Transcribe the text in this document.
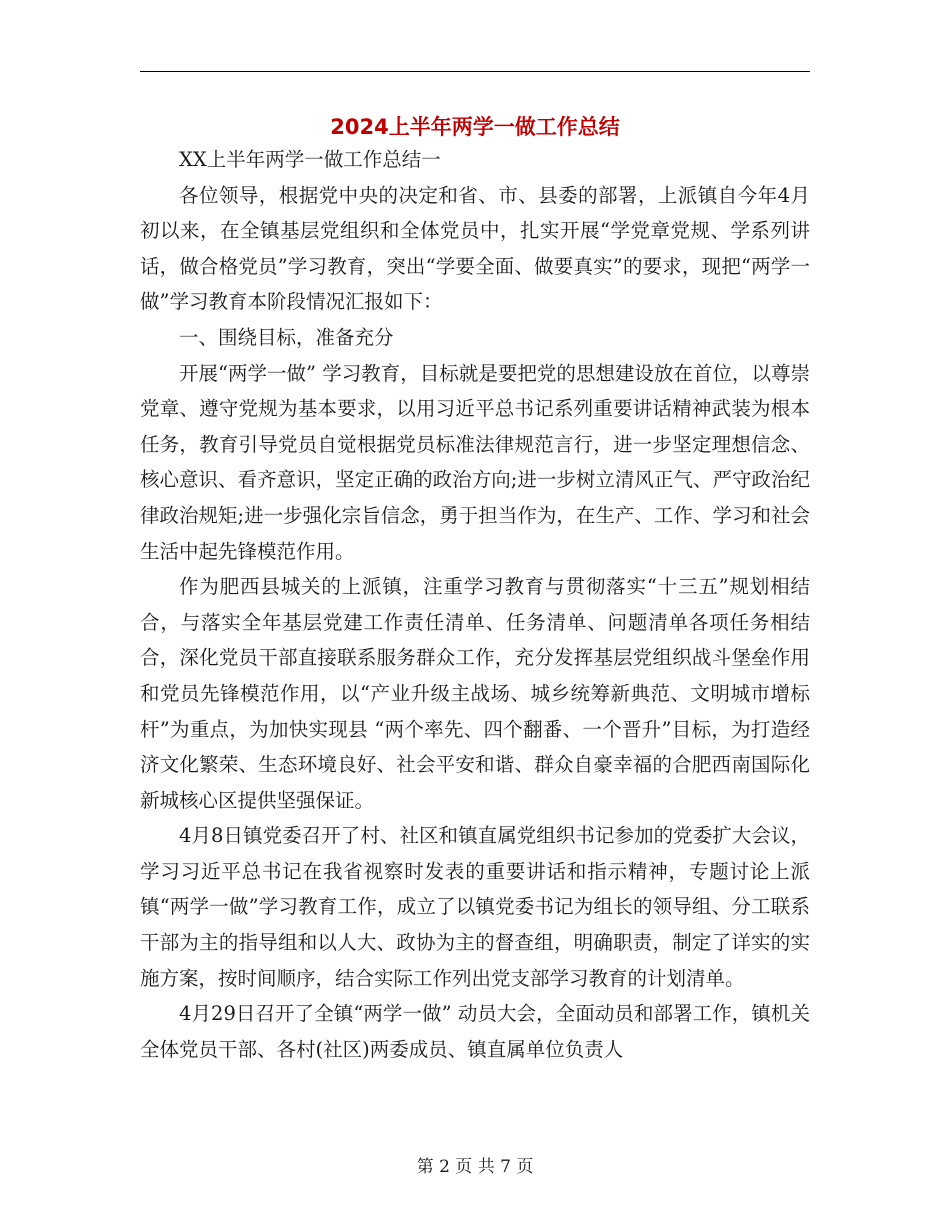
2024上半年两学一做工作总结

XX上半年两学一做工作总结一

各位领导，根据党中央的决定和省、市、县委的部署，上派镇自今年4月初以来，在全镇基层党组织和全体党员中，扎实开展“学党章党规、学系列讲话，做合格党员”学习教育，突出“学要全面、做要真实”的要求，现把“两学一做”学习教育本阶段情况汇报如下：

一、围绕目标，准备充分

开展“两学一做” 学习教育，目标就是要把党的思想建设放在首位，以尊崇党章、遵守党规为基本要求，以用习近平总书记系列重要讲话精神武装为根本任务，教育引导党员自觉根据党员标准法律规范言行，进一步坚定理想信念、核心意识、看齐意识，坚定正确的政治方向;进一步树立清风正气、严守政治纪律政治规矩;进一步强化宗旨信念，勇于担当作为，在生产、工作、学习和社会生活中起先锋模范作用。

作为肥西县城关的上派镇，注重学习教育与贯彻落实“十三五”规划相结合，与落实全年基层党建工作责任清单、任务清单、问题清单各项任务相结合，深化党员干部直接联系服务群众工作，充分发挥基层党组织战斗堡垒作用和党员先锋模范作用，以“产业升级主战场、城乡统筹新典范、文明城市增标杆”为重点，为加快实现县 “两个率先、四个翻番、一个晋升”目标，为打造经济文化繁荣、生态环境良好、社会平安和谐、群众自豪幸福的合肥西南国际化新城核心区提供坚强保证。

4月8日镇党委召开了村、社区和镇直属党组织书记参加的党委扩大会议，学习习近平总书记在我省视察时发表的重要讲话和指示精神，专题讨论上派镇“两学一做”学习教育工作，成立了以镇党委书记为组长的领导组、分工联系干部为主的指导组和以人大、政协为主的督查组，明确职责，制定了详实的实施方案，按时间顺序，结合实际工作列出党支部学习教育的计划清单。

4月29日召开了全镇“两学一做” 动员大会，全面动员和部署工作，镇机关全体党员干部、各村(社区)两委成员、镇直属单位负责人

第 2 页 共 7 页
